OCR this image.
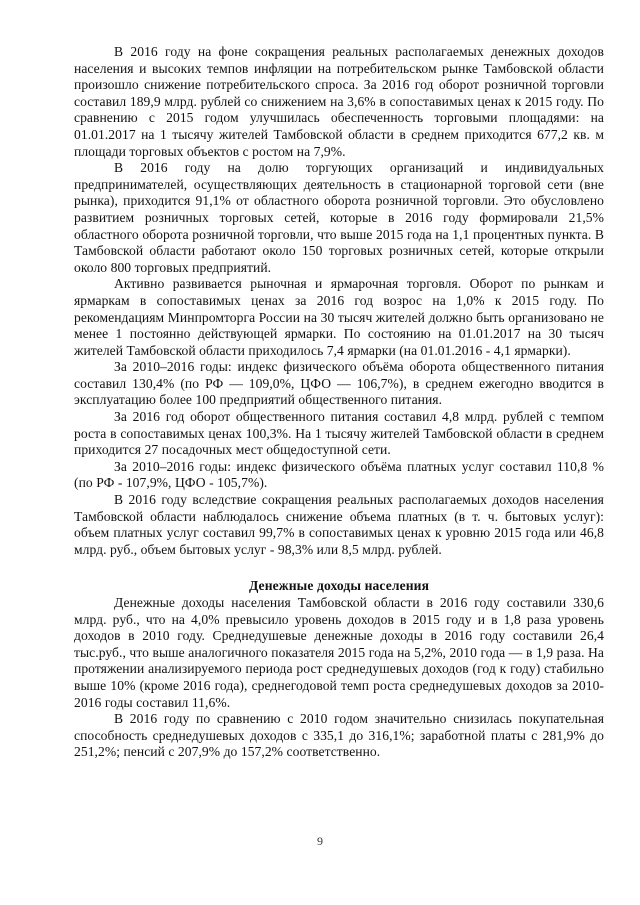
В 2016 году на фоне сокращения реальных располагаемых денежных доходов населения и высоких темпов инфляции на потребительском рынке Тамбовской области произошло снижение потребительского спроса. За 2016 год оборот розничной торговли составил 189,9 млрд. рублей со снижением на 3,6% в сопоставимых ценах к 2015 году. По сравнению с 2015 годом улучшилась обеспеченность торговыми площадями: на 01.01.2017 на 1 тысячу жителей Тамбовской области в среднем приходится 677,2 кв. м площади торговых объектов с ростом на 7,9%.

В 2016 году на долю торгующих организаций и индивидуальных предпринимателей, осуществляющих деятельность в стационарной торговой сети (вне рынка), приходится 91,1% от областного оборота розничной торговли. Это обусловлено развитием розничных торговых сетей, которые в 2016 году формировали 21,5% областного оборота розничной торговли, что выше 2015 года на 1,1 процентных пункта. В Тамбовской области работают около 150 торговых розничных сетей, которые открыли около 800 торговых предприятий.

Активно развивается рыночная и ярмарочная торговля. Оборот по рынкам и ярмаркам в сопоставимых ценах за 2016 год возрос на 1,0% к 2015 году. По рекомендациям Минпромторга России на 30 тысяч жителей должно быть организовано не менее 1 постоянно действующей ярмарки. По состоянию на 01.01.2017 на 30 тысяч жителей Тамбовской области приходилось 7,4 ярмарки (на 01.01.2016 - 4,1 ярмарки).

За 2010–2016 годы: индекс физического объёма оборота общественного питания составил 130,4% (по РФ — 109,0%, ЦФО — 106,7%), в среднем ежегодно вводится в эксплуатацию более 100 предприятий общественного питания.

За 2016 год оборот общественного питания составил 4,8 млрд. рублей с темпом роста в сопоставимых ценах 100,3%. На 1 тысячу жителей Тамбовской области в среднем приходится 27 посадочных мест общедоступной сети.

За 2010–2016 годы: индекс физического объёма платных услуг составил 110,8 % (по РФ - 107,9%, ЦФО - 105,7%).

В 2016 году вследствие сокращения реальных располагаемых доходов населения Тамбовской области наблюдалось снижение объема платных (в т. ч. бытовых услуг): объем платных услуг составил 99,7% в сопоставимых ценах к уровню 2015 года или 46,8 млрд. руб., объем бытовых услуг - 98,3% или 8,5 млрд. рублей.

Денежные доходы населения

Денежные доходы населения Тамбовской области в 2016 году составили 330,6 млрд. руб., что на 4,0% превысило уровень доходов в 2015 году и в 1,8 раза уровень доходов в 2010 году. Среднедушевые денежные доходы в 2016 году составили 26,4 тыс.руб., что выше аналогичного показателя 2015 года на 5,2%, 2010 года — в 1,9 раза. На протяжении анализируемого периода рост среднедушевых доходов (год к году) стабильно выше 10% (кроме 2016 года), среднегодовой темп роста среднедушевых доходов за 2010-2016 годы составил 11,6%.

В 2016 году по сравнению с 2010 годом значительно снизилась покупательная способность среднедушевых доходов с 335,1 до 316,1%; заработной платы с 281,9% до 251,2%; пенсий с 207,9% до 157,2% соответственно.

9
